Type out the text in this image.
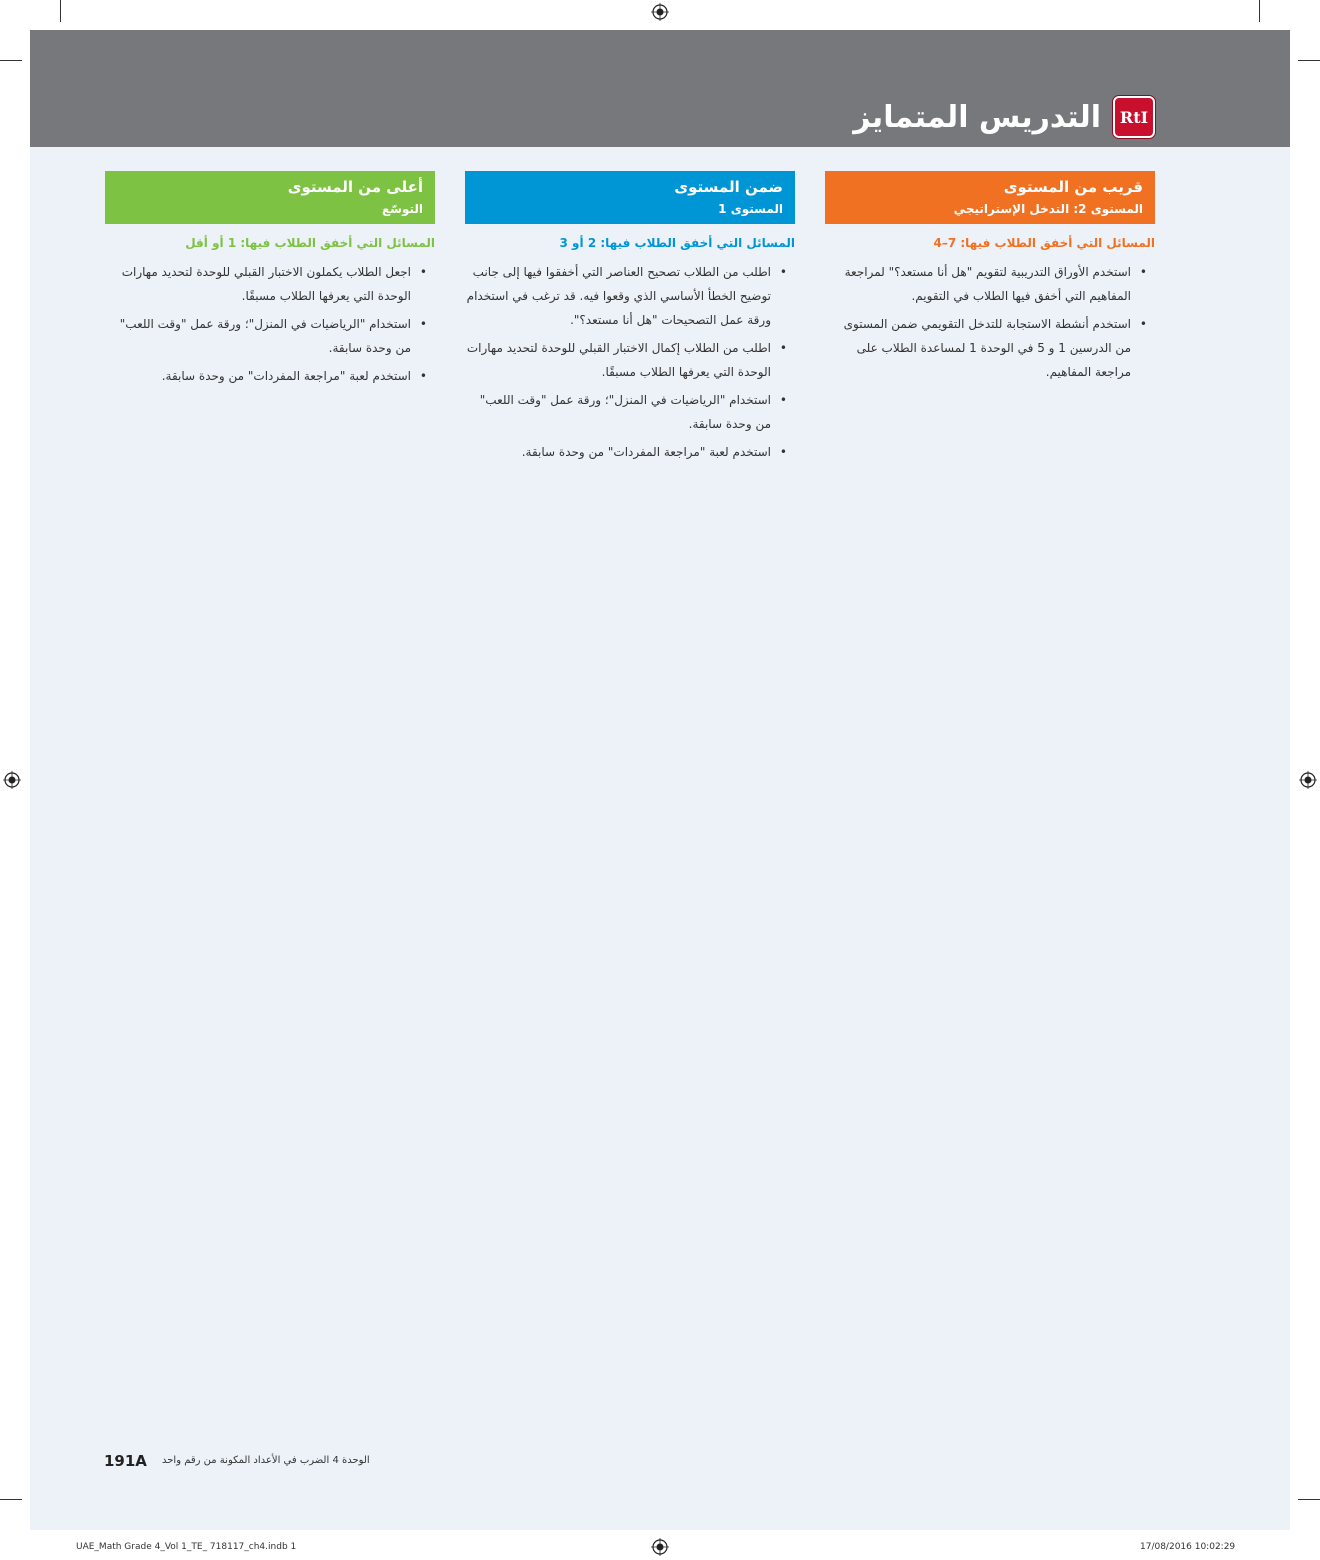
التدريس المتمايز	RtI
قريب من المستوى
المستوى 2: التدخل الإستراتيجي
المسائل التي أخفق الطلاب فيها: 7–4
•
استخدم الأوراق التدريبية لتقويم "هل أنا مستعد؟" لمراجعة المفاهيم التي أخفق فيها الطلاب في التقويم.
•
استخدم أنشطة الاستجابة للتدخل التقويمي ضمن المستوى من الدرسين 1 و 5 في الوحدة 1 لمساعدة الطلاب على مراجعة المفاهيم.
ضمن المستوى
المستوى 1
المسائل التي أخفق الطلاب فيها: 2 أو 3
•
اطلب من الطلاب تصحيح العناصر التي أخفقوا فيها إلى جانب توضيح الخطأ الأساسي الذي وقعوا فيه. قد ترغب في استخدام ورقة عمل التصحيحات "هل أنا مستعد؟".
•
اطلب من الطلاب إكمال الاختبار القبلي للوحدة لتحديد مهارات الوحدة التي يعرفها الطلاب مسبقًا.
•
استخدام "الرياضيات في المنزل"؛ ورقة عمل "وقت اللعب" من وحدة سابقة.
•
استخدم لعبة "مراجعة المفردات" من وحدة سابقة.
أعلى من المستوى
التوسّع
المسائل التي أخفق الطلاب فيها: 1 أو أقل
•
اجعل الطلاب يكملون الاختبار القبلي للوحدة لتحديد مهارات الوحدة التي يعرفها الطلاب مسبقًا.
•
استخدام "الرياضيات في المنزل"؛ ورقة عمل "وقت اللعب" من وحدة سابقة.
•
استخدم لعبة "مراجعة المفردات" من وحدة سابقة.
191A الوحدة 4 الضرب في الأعداد المكونة من رقم واحد
UAE_Math Grade 4_Vol 1_TE_ 718117_ch4.indb 1	17/08/2016 10:02:29
